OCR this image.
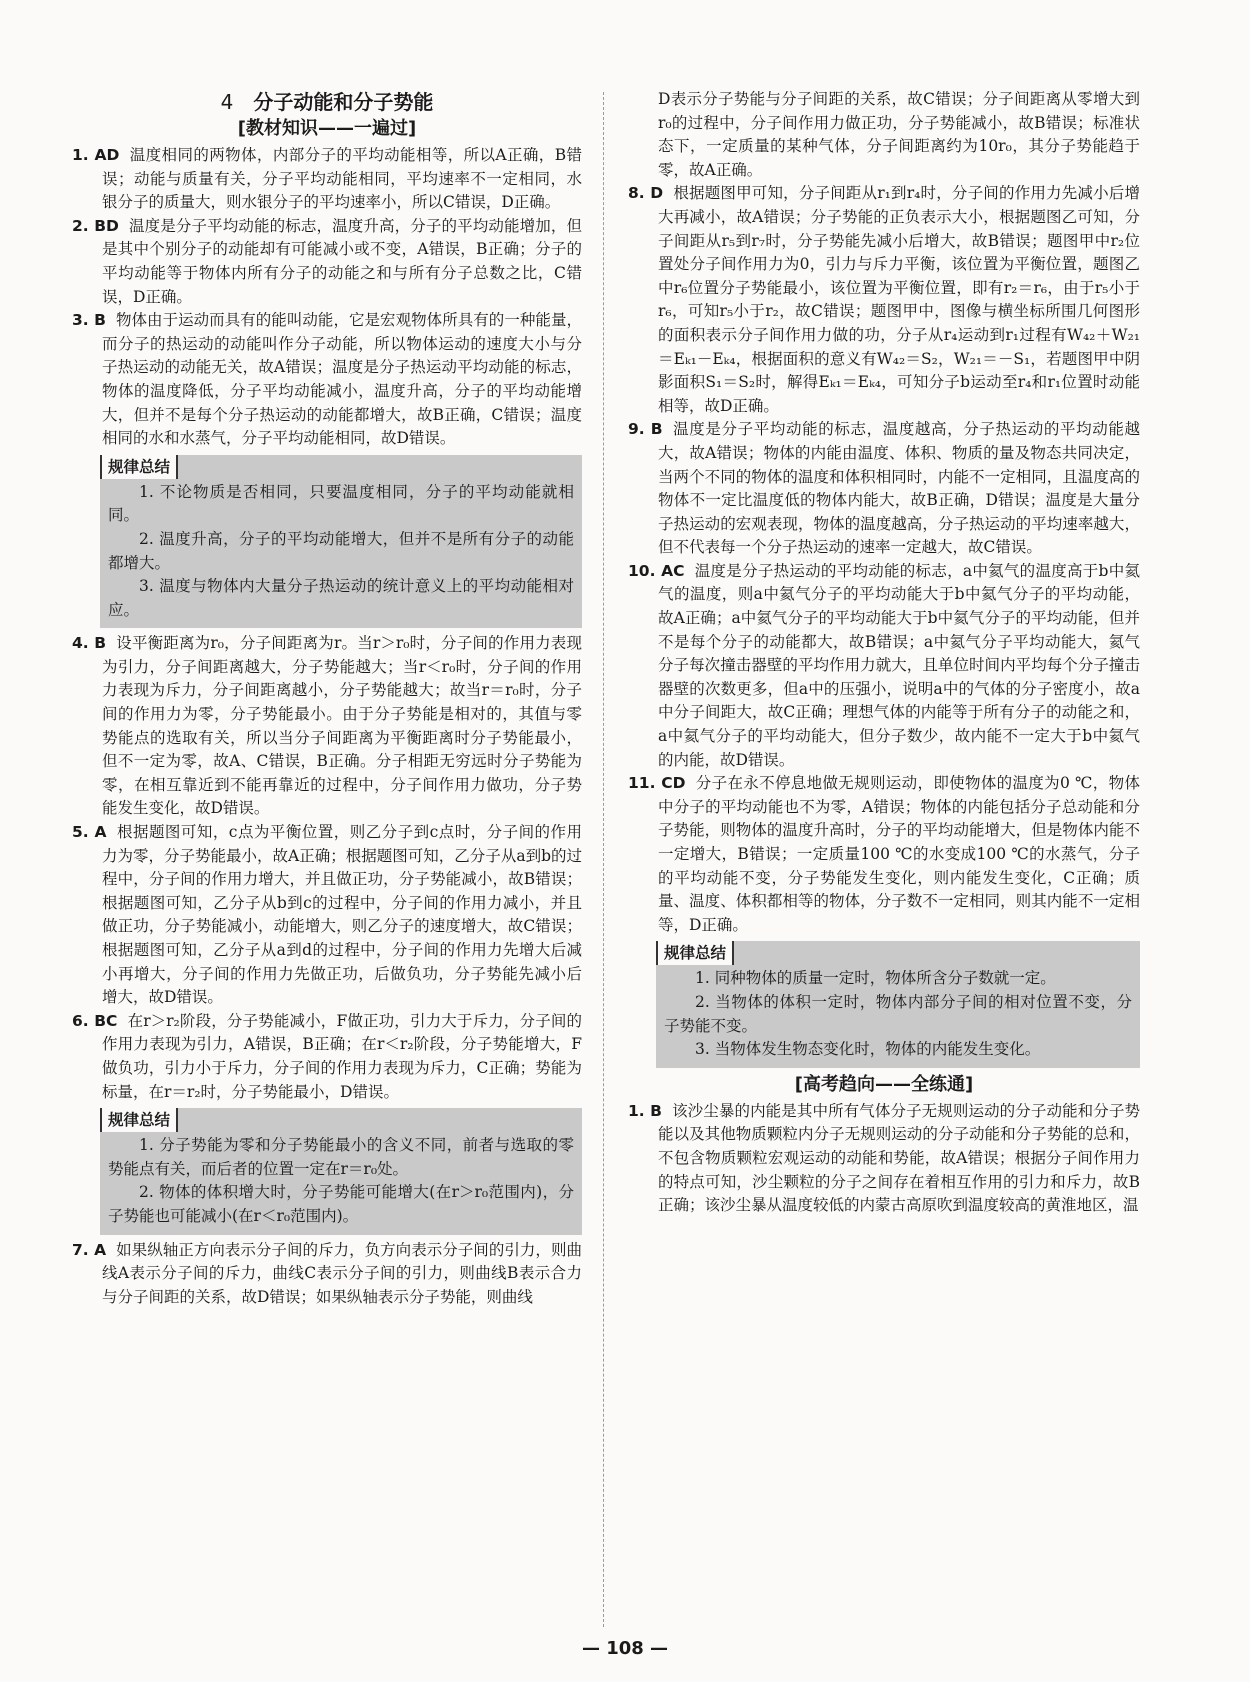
4 分子动能和分子势能
[教材知识——一遍过]

1. AD 温度相同的两物体，内部分子的平均动能相等，所以A正确，B错误；动能与质量有关，分子平均动能相同，平均速率不一定相同，水银分子的质量大，则水银分子的平均速率小，所以C错误，D正确。

2. BD 温度是分子平均动能的标志，温度升高，分子的平均动能增加，但是其中个别分子的动能却有可能减小或不变，A错误，B正确；分子的平均动能等于物体内所有分子的动能之和与所有分子总数之比，C错误，D正确。

3. B 物体由于运动而具有的能叫动能，它是宏观物体所具有的一种能量，而分子的热运动的动能叫作分子动能，所以物体运动的速度大小与分子热运动的动能无关，故A错误；温度是分子热运动平均动能的标志，物体的温度降低，分子平均动能减小，温度升高，分子的平均动能增大，但并不是每个分子热运动的动能都增大，故B正确，C错误；温度相同的水和水蒸气，分子平均动能相同，故D错误。

规律总结

1. 不论物质是否相同，只要温度相同，分子的平均动能就相同。

2. 温度升高，分子的平均动能增大，但并不是所有分子的动能都增大。

3. 温度与物体内大量分子热运动的统计意义上的平均动能相对应。

4. B 设平衡距离为r₀，分子间距离为r。当r＞r₀时，分子间的作用力表现为引力，分子间距离越大，分子势能越大；当r＜r₀时，分子间的作用力表现为斥力，分子间距离越小，分子势能越大；故当r＝r₀时，分子间的作用力为零，分子势能最小。由于分子势能是相对的，其值与零势能点的选取有关，所以当分子间距离为平衡距离时分子势能最小，但不一定为零，故A、C错误，B正确。分子相距无穷远时分子势能为零，在相互靠近到不能再靠近的过程中，分子间作用力做功，分子势能发生变化，故D错误。

5. A 根据题图可知，c点为平衡位置，则乙分子到c点时，分子间的作用力为零，分子势能最小，故A正确；根据题图可知，乙分子从a到b的过程中，分子间的作用力增大，并且做正功，分子势能减小，故B错误；根据题图可知，乙分子从b到c的过程中，分子间的作用力减小，并且做正功，分子势能减小，动能增大，则乙分子的速度增大，故C错误；根据题图可知，乙分子从a到d的过程中，分子间的作用力先增大后减小再增大，分子间的作用力先做正功，后做负功，分子势能先减小后增大，故D错误。

6. BC 在r＞r₂阶段，分子势能减小，F做正功，引力大于斥力，分子间的作用力表现为引力，A错误，B正确；在r＜r₂阶段，分子势能增大，F做负功，引力小于斥力，分子间的作用力表现为斥力，C正确；势能为标量，在r＝r₂时，分子势能最小，D错误。

规律总结

1. 分子势能为零和分子势能最小的含义不同，前者与选取的零势能点有关，而后者的位置一定在r＝r₀处。

2. 物体的体积增大时，分子势能可能增大(在r＞r₀范围内)，分子势能也可能减小(在r＜r₀范围内)。

7. A 如果纵轴正方向表示分子间的斥力，负方向表示分子间的引力，则曲线A表示分子间的斥力，曲线C表示分子间的引力，则曲线B表示合力与分子间距的关系，故D错误；如果纵轴表示分子势能，则曲线

D表示分子势能与分子间距的关系，故C错误；分子间距离从零增大到r₀的过程中，分子间作用力做正功，分子势能减小，故B错误；标准状态下，一定质量的某种气体，分子间距离约为10r₀，其分子势能趋于零，故A正确。

8. D 根据题图甲可知，分子间距从r₁到r₄时，分子间的作用力先减小后增大再减小，故A错误；分子势能的正负表示大小，根据题图乙可知，分子间距从r₅到r₇时，分子势能先减小后增大，故B错误；题图甲中r₂位置处分子间作用力为0，引力与斥力平衡，该位置为平衡位置，题图乙中r₆位置分子势能最小，该位置为平衡位置，即有r₂＝r₆，由于r₅小于r₆，可知r₅小于r₂，故C错误；题图甲中，图像与横坐标所围几何图形的面积表示分子间作用力做的功，分子从r₄运动到r₁过程有W₄₂＋W₂₁＝Eₖ₁－Eₖ₄，根据面积的意义有W₄₂＝S₂，W₂₁＝－S₁，若题图甲中阴影面积S₁＝S₂时，解得Eₖ₁＝Eₖ₄，可知分子b运动至r₄和r₁位置时动能相等，故D正确。

9. B 温度是分子平均动能的标志，温度越高，分子热运动的平均动能越大，故A错误；物体的内能由温度、体积、物质的量及物态共同决定，当两个不同的物体的温度和体积相同时，内能不一定相同，且温度高的物体不一定比温度低的物体内能大，故B正确，D错误；温度是大量分子热运动的宏观表现，物体的温度越高，分子热运动的平均速率越大，但不代表每一个分子热运动的速率一定越大，故C错误。

10. AC 温度是分子热运动的平均动能的标志，a中氦气的温度高于b中氦气的温度，则a中氦气分子的平均动能大于b中氦气分子的平均动能，故A正确；a中氦气分子的平均动能大于b中氦气分子的平均动能，但并不是每个分子的动能都大，故B错误；a中氦气分子平均动能大，氦气分子每次撞击器壁的平均作用力就大，且单位时间内平均每个分子撞击器壁的次数更多，但a中的压强小，说明a中的气体的分子密度小，故a中分子间距大，故C正确；理想气体的内能等于所有分子的动能之和，a中氦气分子的平均动能大，但分子数少，故内能不一定大于b中氦气的内能，故D错误。

11. CD 分子在永不停息地做无规则运动，即使物体的温度为0 ℃，物体中分子的平均动能也不为零，A错误；物体的内能包括分子总动能和分子势能，则物体的温度升高时，分子的平均动能增大，但是物体内能不一定增大，B错误；一定质量100 ℃的水变成100 ℃的水蒸气，分子的平均动能不变，分子势能发生变化，则内能发生变化，C正确；质量、温度、体积都相等的物体，分子数不一定相同，则其内能不一定相等，D正确。

规律总结

1. 同种物体的质量一定时，物体所含分子数就一定。

2. 当物体的体积一定时，物体内部分子间的相对位置不变，分子势能不变。

3. 当物体发生物态变化时，物体的内能发生变化。

[高考趋向——全练通]

1. B 该沙尘暴的内能是其中所有气体分子无规则运动的分子动能和分子势能以及其他物质颗粒内分子无规则运动的分子动能和分子势能的总和，不包含物质颗粒宏观运动的动能和势能，故A错误；根据分子间作用力的特点可知，沙尘颗粒的分子之间存在着相互作用的引力和斥力，故B正确；该沙尘暴从温度较低的内蒙古高原吹到温度较高的黄淮地区，温

— 108 —
